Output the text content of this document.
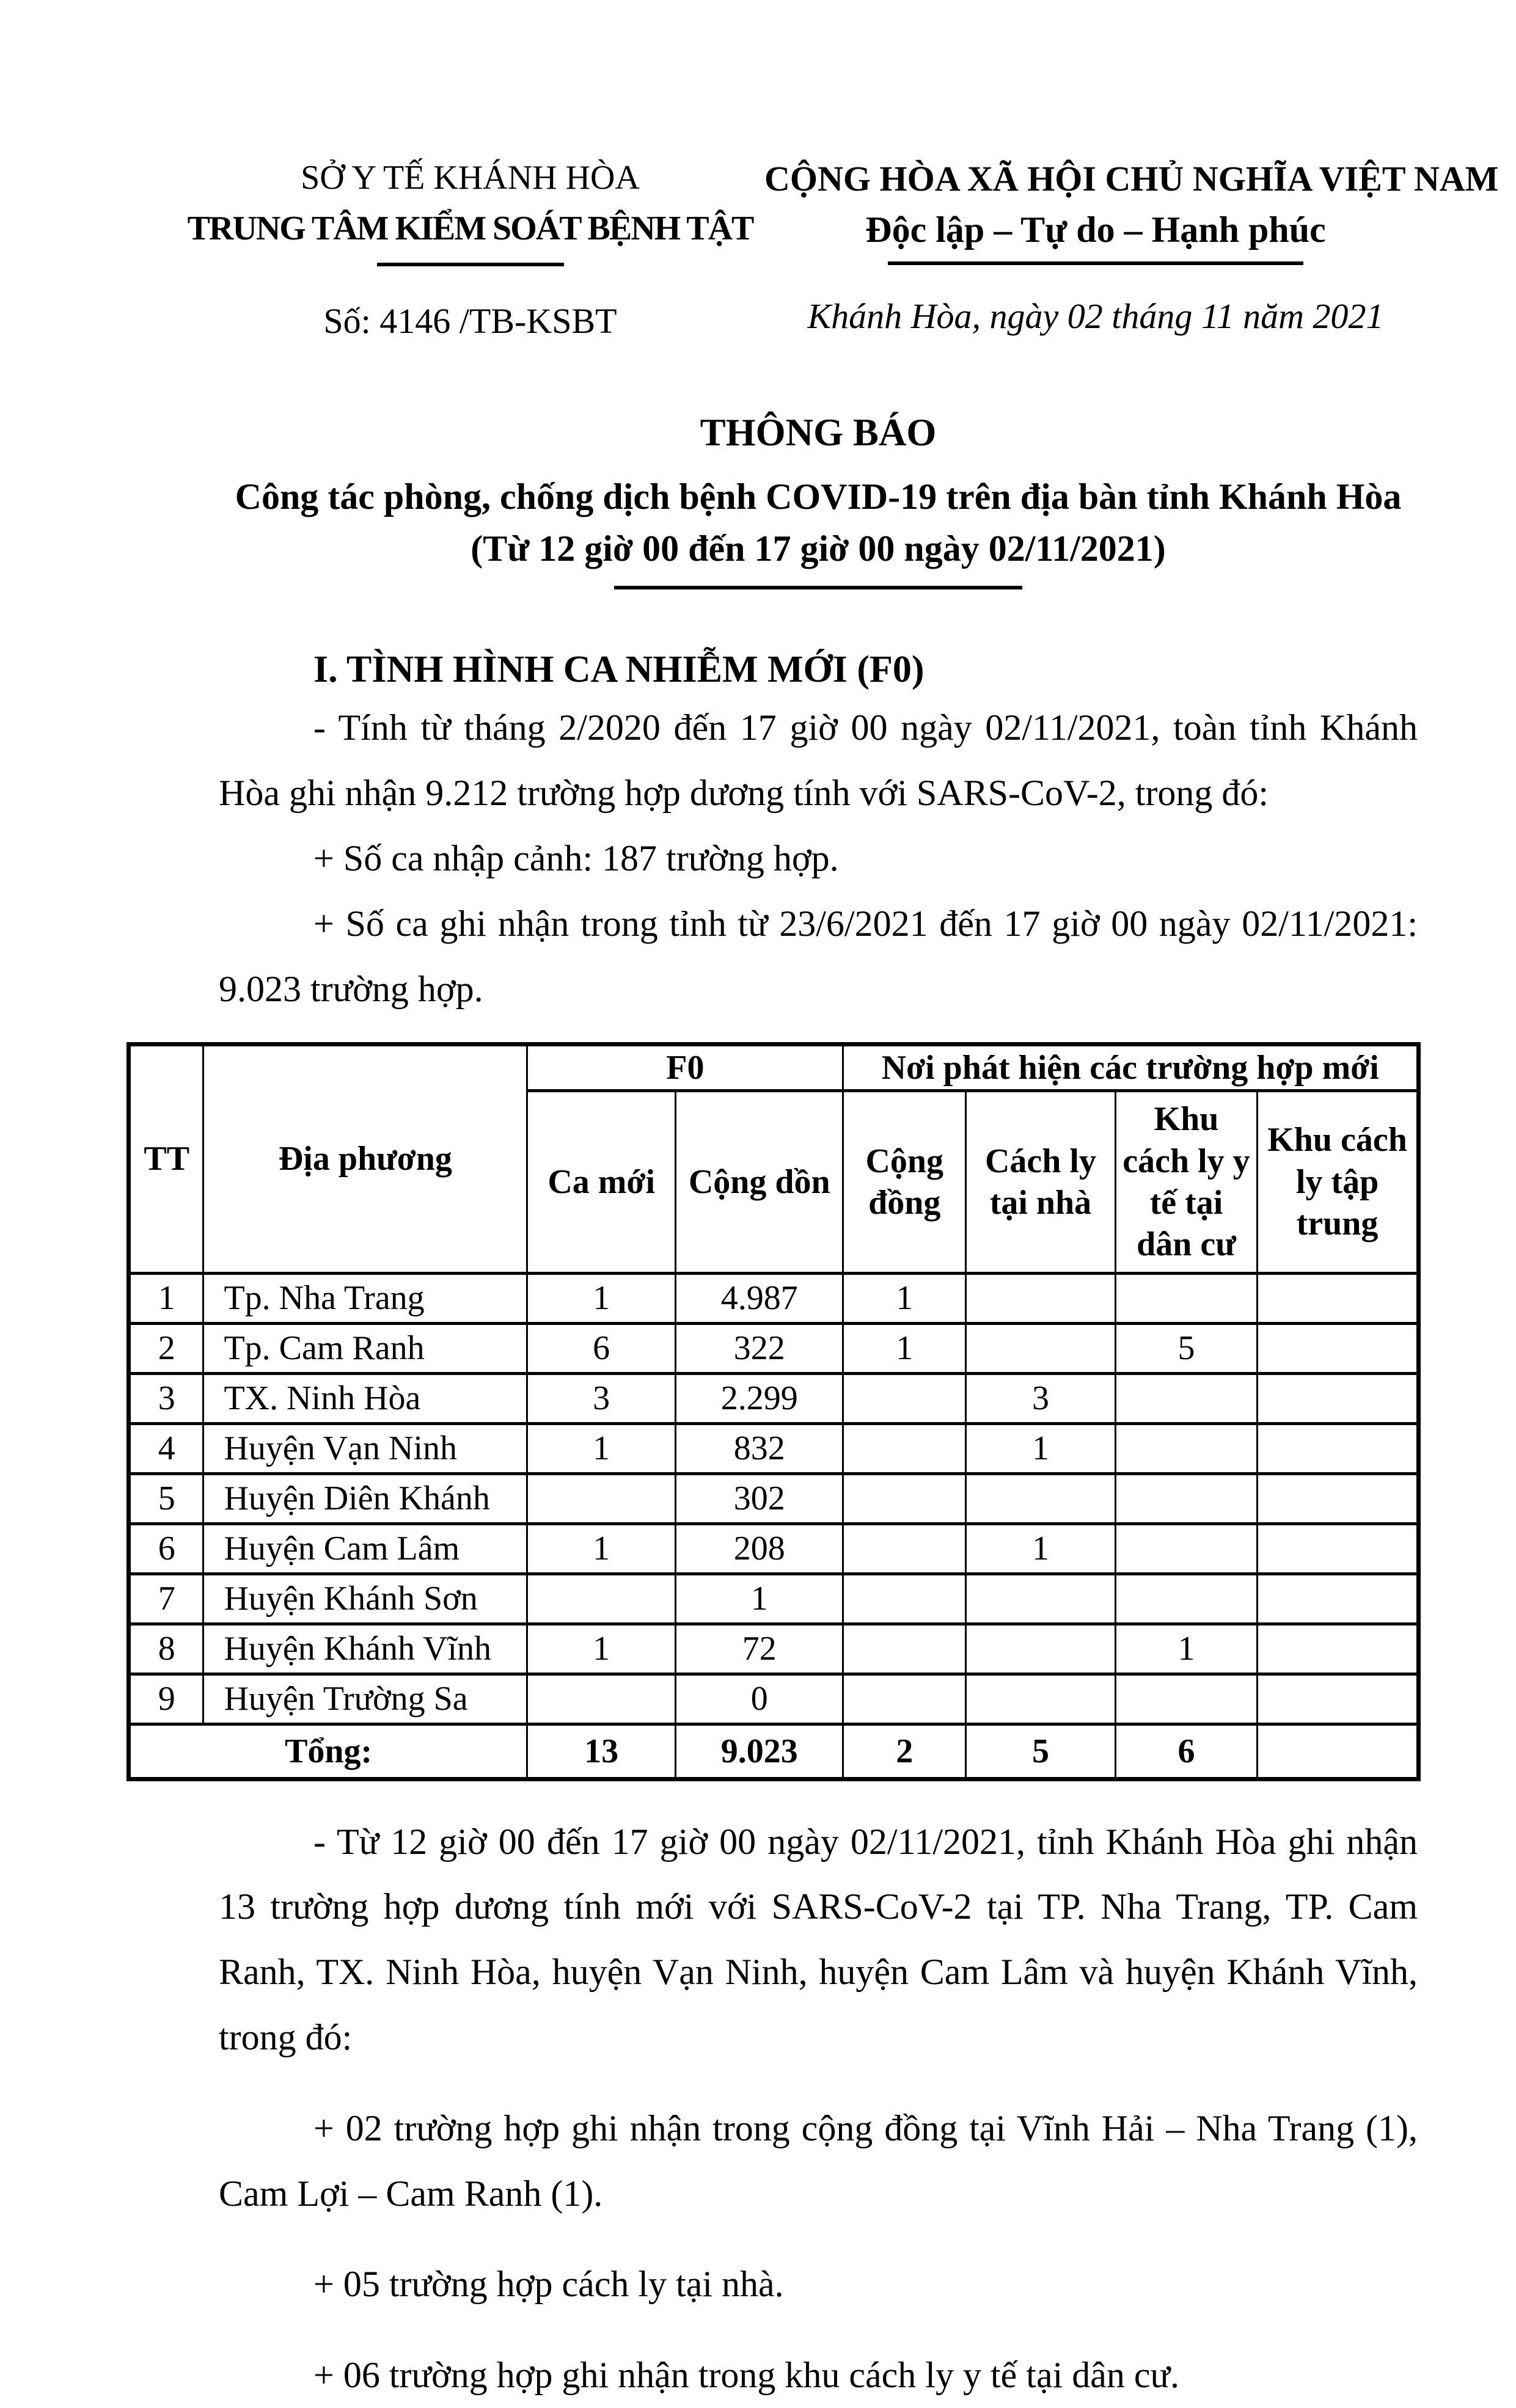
SỞ Y TẾ KHÁNH HÒA
TRUNG TÂM KIỂM SOÁT BỆNH TẬT
Số: 4146 /TB-KSBT
CỘNG HÒA XÃ HỘI CHỦ NGHĨA VIỆT NAM
Độc lập – Tự do – Hạnh phúc
Khánh Hòa, ngày 02 tháng 11 năm 2021
THÔNG BÁO
Công tác phòng, chống dịch bệnh COVID-19 trên địa bàn tỉnh Khánh Hòa
(Từ 12 giờ 00 đến 17 giờ 00 ngày 02/11/2021)
I. TÌNH HÌNH CA NHIỄM MỚI (F0)

- Tính từ tháng 2/2020 đến 17 giờ 00 ngày 02/11/2021, toàn tỉnh Khánh Hòa ghi nhận 9.212 trường hợp dương tính với SARS-CoV-2, trong đó:

+ Số ca nhập cảnh: 187 trường hợp.

+ Số ca ghi nhận trong tỉnh từ 23/6/2021 đến 17 giờ 00 ngày 02/11/2021: 9.023 trường hợp.

TT	Địa phương	F0		Nơi phát hiện các trường hợp mới			
		Ca mới	Cộng dồn	Cộng đồng	Cách ly tại nhà	Khu cách ly y tế tại dân cư	Khu cách ly tập trung
1	Tp. Nha Trang	1	4.987	1			
2	Tp. Cam Ranh	6	322	1		5	
3	TX. Ninh Hòa	3	2.299		3		
4	Huyện Vạn Ninh	1	832		1		
5	Huyện Diên Khánh		302				
6	Huyện Cam Lâm	1	208		1		
7	Huyện Khánh Sơn		1				
8	Huyện Khánh Vĩnh	1	72			1	
9	Huyện Trường Sa		0				
Tổng:		13	9.023	2	5	6	

- Từ 12 giờ 00 đến 17 giờ 00 ngày 02/11/2021, tỉnh Khánh Hòa ghi nhận 13 trường hợp dương tính mới với SARS-CoV-2 tại TP. Nha Trang, TP. Cam Ranh, TX. Ninh Hòa, huyện Vạn Ninh, huyện Cam Lâm và huyện Khánh Vĩnh, trong đó:

+ 02 trường hợp ghi nhận trong cộng đồng tại Vĩnh Hải – Nha Trang (1), Cam Lợi – Cam Ranh (1).

+ 05 trường hợp cách ly tại nhà.

+ 06 trường hợp ghi nhận trong khu cách ly y tế tại dân cư.
